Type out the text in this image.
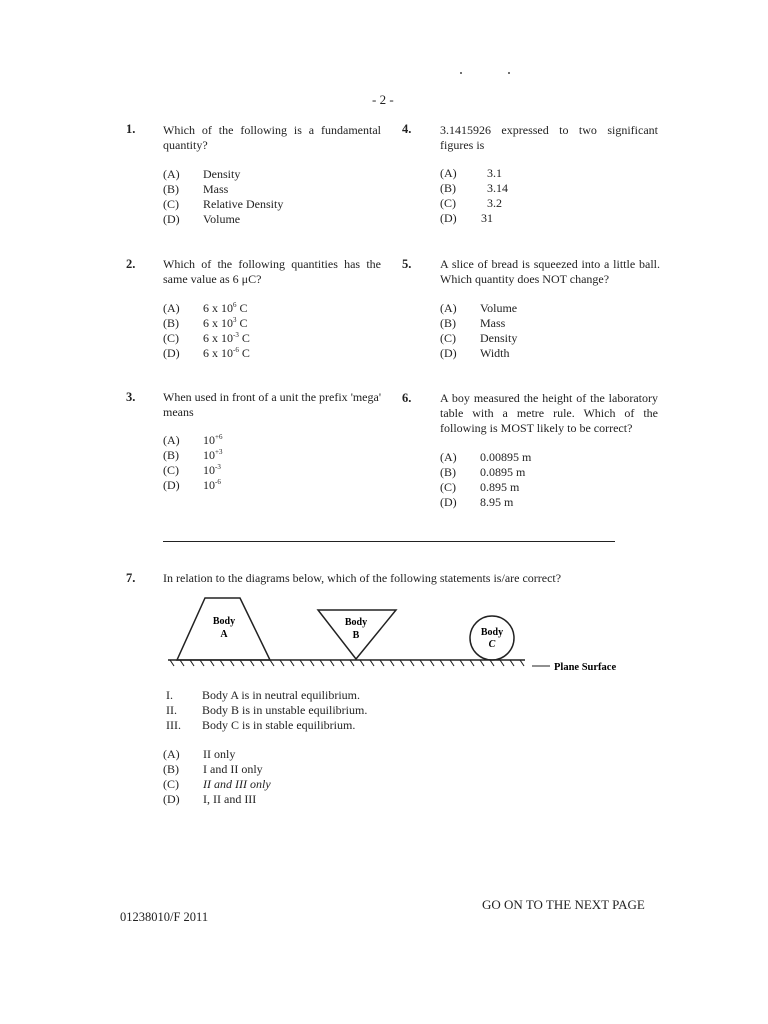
- 2 -
1. Which of the following is a fundamental quantity?
(A)	Density
(B)	Mass
(C)	Relative Density
(D)	Volume
2. Which of the following quantities has the same value as 6 μC?
(A)	6 x $10^6$ C
(B)	6 x $10^3$ C
(C)	6 x $10^{-3}$ C
(D)	6 x $10^{-6}$ C
3. When used in front of a unit the prefix 'mega' means
(A)	$10^{+6}$
(B)	$10^{+3}$
(C)	$10^{-3}$
(D)	$10^{-6}$
4. 3.1415926 expressed to two significant figures is
(A)	3.1
(B)	3.14
(C)	3.2
(D)	31
5. A slice of bread is squeezed into a little ball. Which quantity does NOT change?
(A)	Volume
(B)	Mass
(C)	Density
(D)	Width
6. A boy measured the height of the laboratory table with a metre rule. Which of the following is MOST likely to be correct?
(A)	0.00895 m
(B)	0.0895 m
(C)	0.895 m
(D)	8.95 m
7. In relation to the diagrams below, which of the following statements is/are correct?
Body
A
Body
B	Body
C
Plane Surface
I.	Body A is in neutral equilibrium.
II.	Body B is in unstable equilibrium.
III.	Body C is in stable equilibrium.
(A)	II only
(B)	I and II only
(C)	II and III only
(D)	I, II and III
GO ON TO THE NEXT PAGE
01238010/F 2011
